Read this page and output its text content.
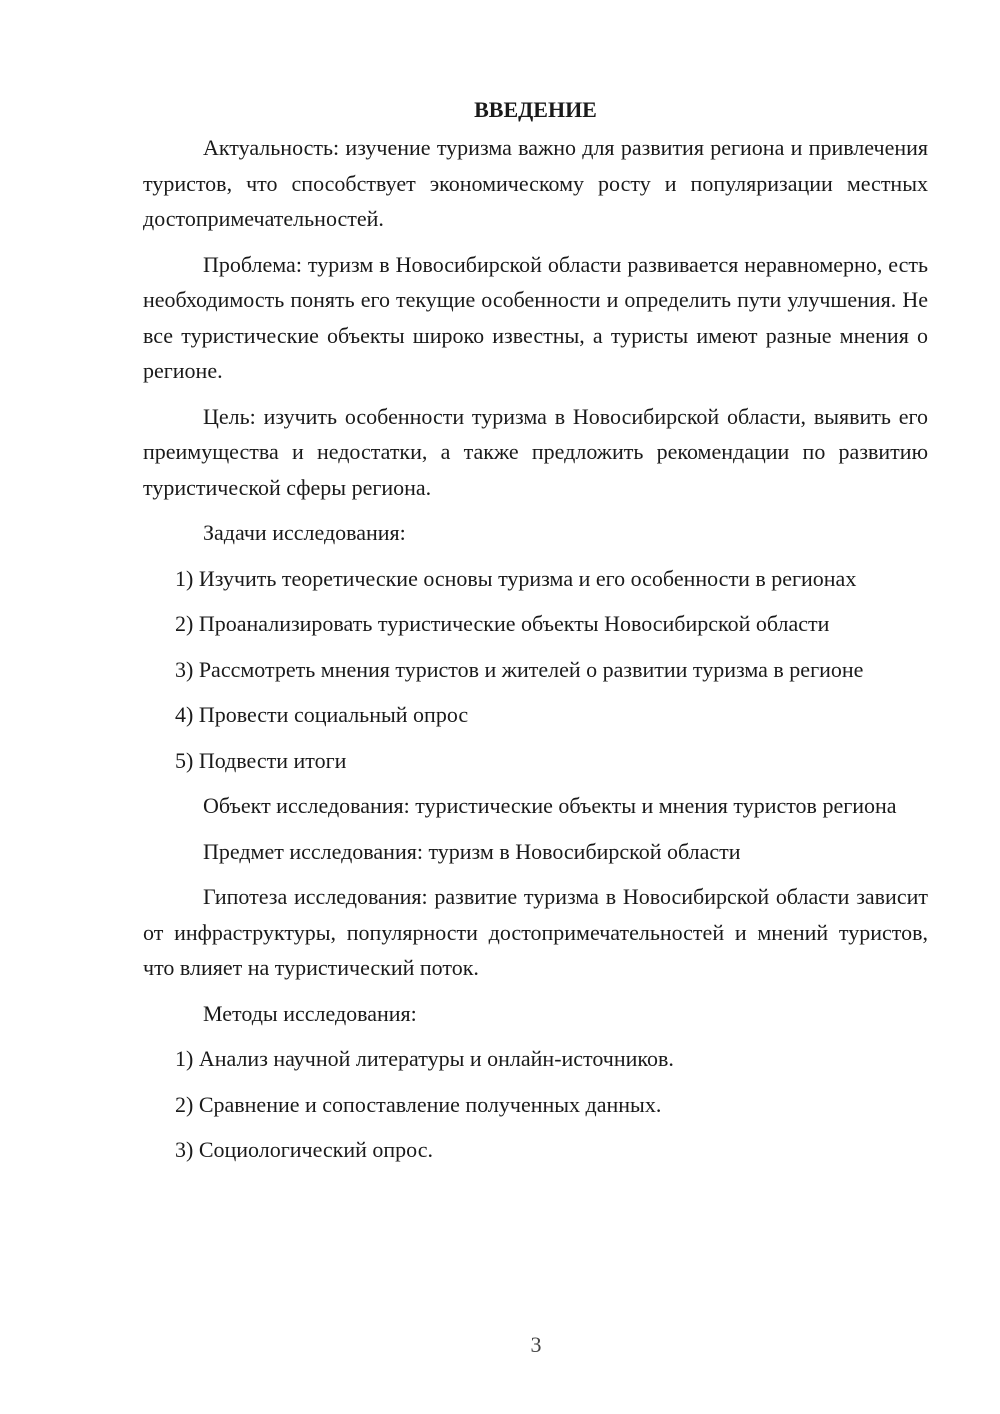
ВВЕДЕНИЕ

Актуальность: изучение туризма важно для развития региона и привлечения туристов, что способствует экономическому росту и популяризации местных достопримечательностей.

Проблема: туризм в Новосибирской области развивается неравномерно, есть необходимость понять его текущие особенности и определить пути улучшения. Не все туристические объекты широко известны, а туристы имеют разные мнения о регионе.

Цель: изучить особенности туризма в Новосибирской области, выявить его преимущества и недостатки, а также предложить рекомендации по развитию туристической сферы региона.

Задачи исследования:

1) Изучить теоретические основы туризма и его особенности в регионах

2) Проанализировать туристические объекты Новосибирской области

3) Рассмотреть мнения туристов и жителей о развитии туризма в регионе

4) Провести социальный опрос

5) Подвести итоги

Объект исследования: туристические объекты и мнения туристов региона

Предмет исследования: туризм в Новосибирской области

Гипотеза исследования: развитие туризма в Новосибирской области зависит от инфраструктуры, популярности достопримечательностей и мнений туристов, что влияет на туристический поток.

Методы исследования:

1) Анализ научной литературы и онлайн-источников.

2) Сравнение и сопоставление полученных данных.

3) Социологический опрос.

3
